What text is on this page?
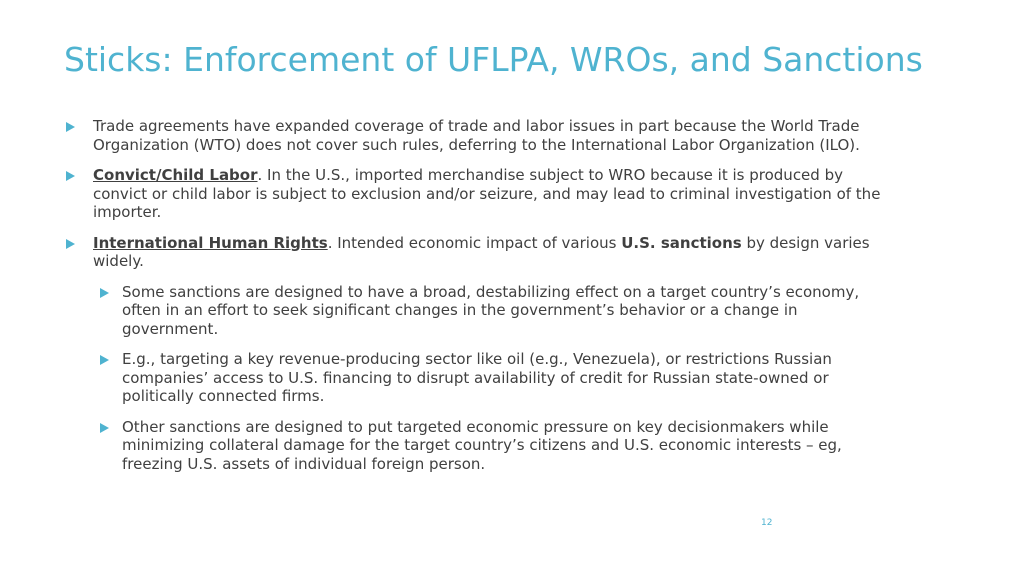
Sticks: Enforcement of UFLPA, WROs, and Sanctions
Trade agreements have expanded coverage of trade and labor issues in part because the World Trade Organization (WTO) does not cover such rules, deferring to the International Labor Organization (ILO).
Convict/Child Labor. In the U.S., imported merchandise subject to WRO because it is produced by convict or child labor is subject to exclusion and/or seizure, and may lead to criminal investigation of the importer.
International Human Rights. Intended economic impact of various U.S. sanctions by design varies widely.
Some sanctions are designed to have a broad, destabilizing effect on a target country’s economy, often in an effort to seek significant changes in the government’s behavior or a change in government.
E.g., targeting a key revenue-producing sector like oil (e.g., Venezuela), or restrictions Russian companies’ access to U.S. financing to disrupt availability of credit for Russian state-owned or politically connected firms.
Other sanctions are designed to put targeted economic pressure on key decisionmakers while minimizing collateral damage for the target country’s citizens and U.S. economic interests – eg, freezing U.S. assets of individual foreign person.
12
